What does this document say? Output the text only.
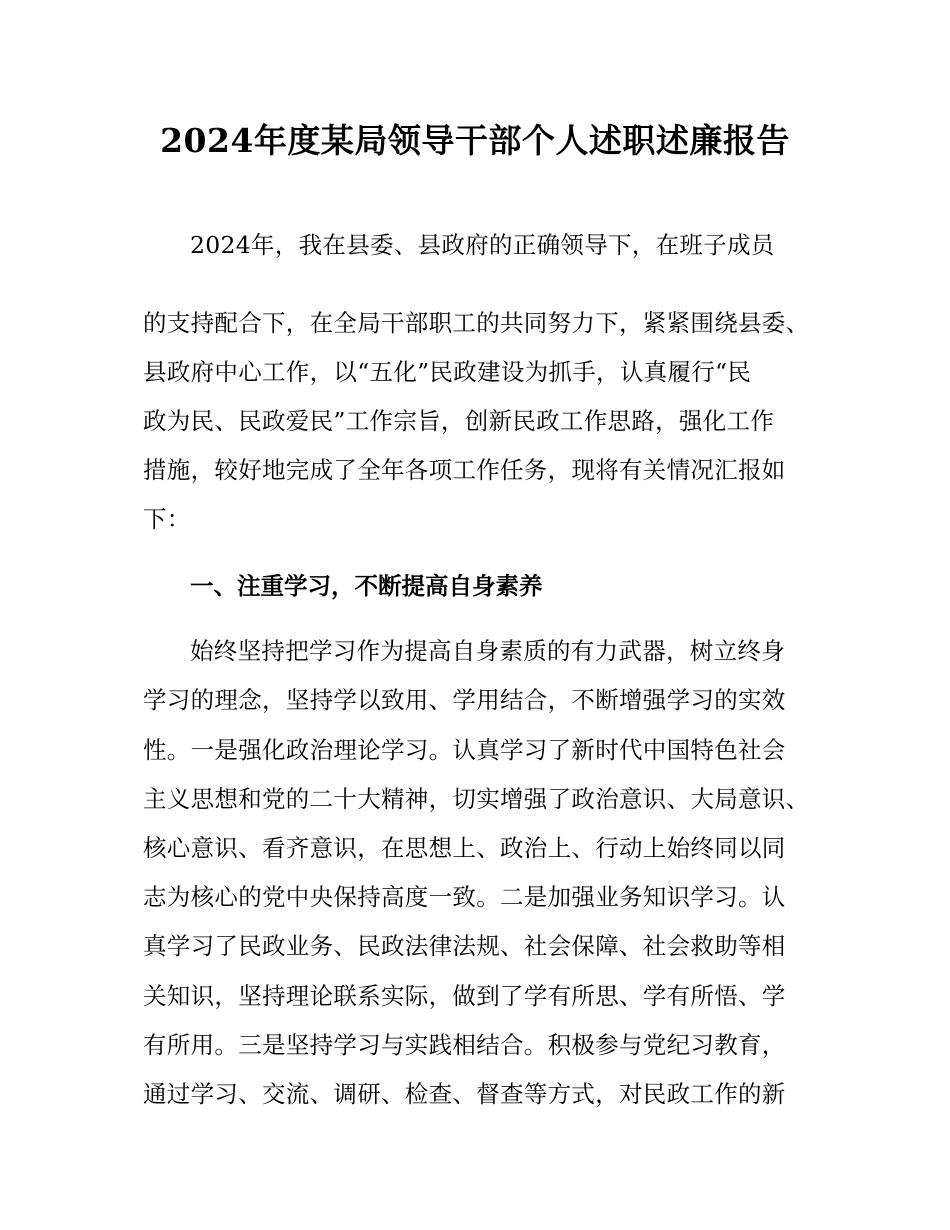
2024年度某局领导干部个人述职述廉报告
2024年，我在县委、县政府的正确领导下，在班子成员
的支持配合下，在全局干部职工的共同努力下，紧紧围绕县委、
县政府中心工作，以“五化”民政建设为抓手，认真履行“民
政为民、民政爱民”工作宗旨，创新民政工作思路，强化工作
措施，较好地完成了全年各项工作任务，现将有关情况汇报如
下：
一、注重学习，不断提高自身素养
始终坚持把学习作为提高自身素质的有力武器，树立终身
学习的理念，坚持学以致用、学用结合，不断增强学习的实效
性。一是强化政治理论学习。认真学习了新时代中国特色社会
主义思想和党的二十大精神，切实增强了政治意识、大局意识、
核心意识、看齐意识，在思想上、政治上、行动上始终同以同
志为核心的党中央保持高度一致。二是加强业务知识学习。认
真学习了民政业务、民政法律法规、社会保障、社会救助等相
关知识，坚持理论联系实际，做到了学有所思、学有所悟、学
有所用。三是坚持学习与实践相结合。积极参与党纪习教育，
通过学习、交流、调研、检查、督查等方式，对民政工作的新
